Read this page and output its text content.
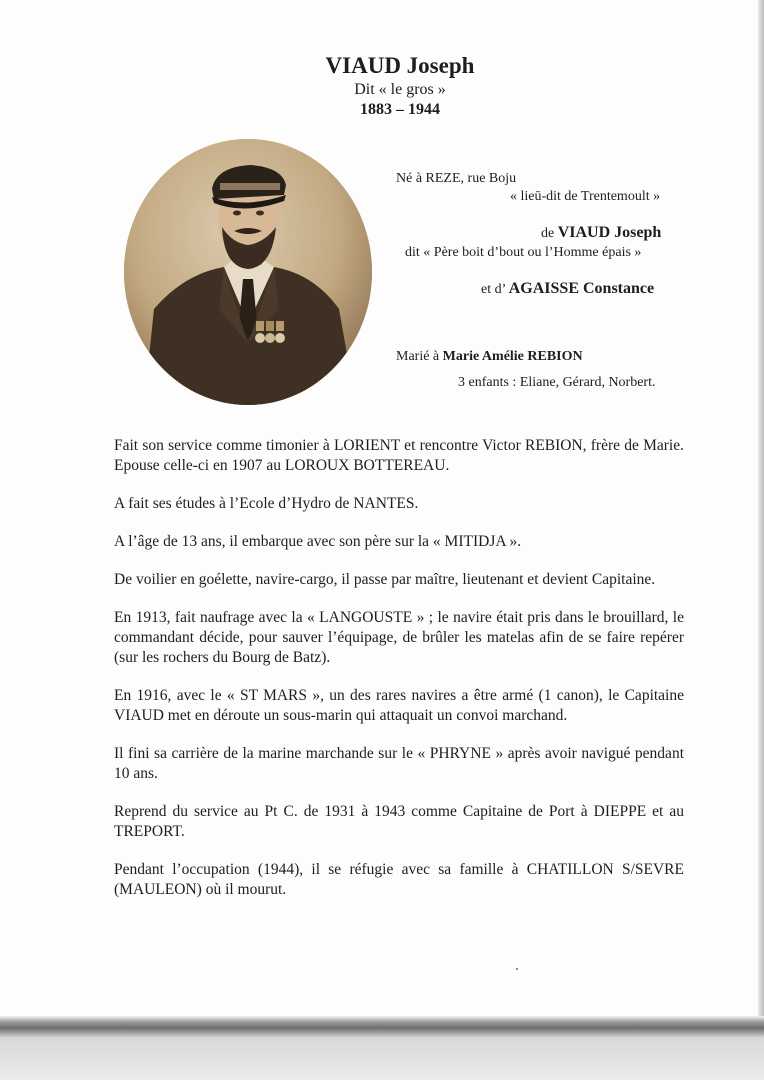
VIAUD Joseph
Dit « le gros »
1883 – 1944
Né à REZE, rue Boju
« lieū-dit de Trentemoult »
de VIAUD Joseph
dit « Père boit d’bout ou l’Homme épais »
et d’ AGAISSE Constance
Marié à Marie Amélie REBION
3 enfants : Eliane, Gérard, Norbert.

Fait son service comme timonier à LORIENT et rencontre Victor REBION, frère de Marie. Epouse celle-ci en 1907 au LOROUX BOTTEREAU.

A fait ses études à l’Ecole d’Hydro de NANTES.

A l’âge de 13 ans, il embarque avec son père sur la « MITIDJA ».

De voilier en goélette, navire-cargo, il passe par maître, lieutenant et devient Capitaine.

En 1913, fait naufrage avec la « LANGOUSTE » ; le navire était pris dans le brouillard, le commandant décide, pour sauver l’équipage, de brûler les matelas afin de se faire repérer (sur les rochers du Bourg de Batz).

En 1916, avec le « ST MARS », un des rares navires a être armé (1 canon), le Capitaine VIAUD met en déroute un sous-marin qui attaquait un convoi marchand.

Il fini sa carrière de la marine marchande sur le « PHRYNE » après avoir navigué pendant 10 ans.

Reprend du service au Pt C. de 1931 à 1943 comme Capitaine de Port à DIEPPE et au TREPORT.

Pendant l’occupation (1944), il se réfugie avec sa famille à CHATILLON S/SEVRE (MAULEON) où il mourut.
